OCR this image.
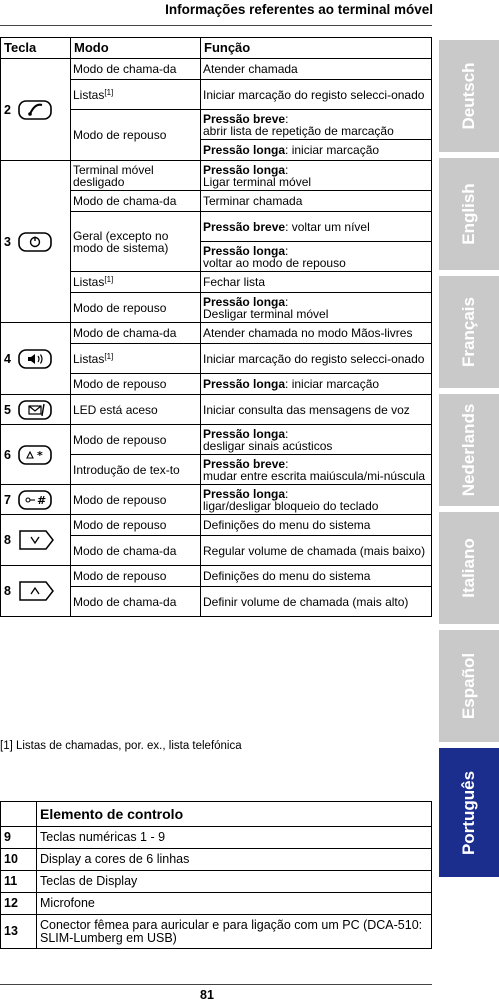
Informações referentes ao terminal móvel
Tecla		Modo	Função
2		Modo de chama-da	Atender chamada
		Listas[1]	Iniciar marcação do registo selecci-onado
		Modo de repouso	Pressão breve:
abrir lista de repetição de marcação
			Pressão longa: iniciar marcação
3		Terminal móvel desligado	Pressão longa:
Ligar terminal móvel
		Modo de chama-da	Terminar chamada
		Geral (excepto no modo de sistema)	Pressão breve: voltar um nível
			Pressão longa:
voltar ao modo de repouso
		Listas[1]	Fechar lista
		Modo de repouso	Pressão longa:
Desligar terminal móvel
4		Modo de chama-da	Atender chamada no modo Mãos-livres
		Listas[1]	Iniciar marcação do registo selecci-onado
		Modo de repouso	Pressão longa: iniciar marcação
5		LED está aceso	Iniciar consulta das mensagens de voz
6	*	Modo de repouso	Pressão longa:
desligar sinais acústicos
		Introdução de tex-to	Pressão breve:
mudar entre escrita maiúscula/mi-núscula
7	#	Modo de repouso	Pressão longa:
ligar/desligar bloqueio do teclado
8		Modo de repouso	Definições do menu do sistema
		Modo de chama-da	Regular volume de chamada (mais baixo)
8		Modo de repouso	Definições do menu do sistema
		Modo de chama-da	Definir volume de chamada (mais alto)
[1] Listas de chamadas, por. ex., lista telefónica
	Elemento de controlo
9	Teclas numéricas 1 - 9
10	Display a cores de 6 linhas
11	Teclas de Display
12	Microfone
13	Conector fêmea para auricular e para ligação com um PC (DCA-510: SLIM-Lumberg em USB)
81
Deutsch
English
Français
Nederlands
Italiano
Español
Português
